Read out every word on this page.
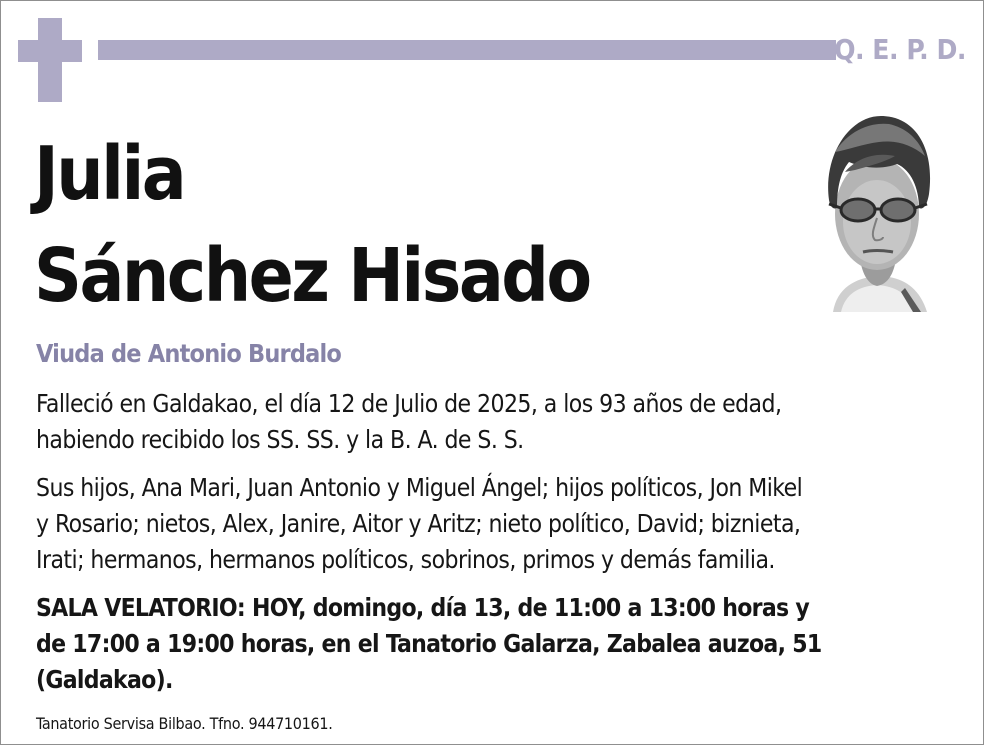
Q. E. P. D.
Julia
Sánchez Hisado
Viuda de Antonio Burdalo
Falleció en Galdakao, el día 12 de Julio de 2025, a los 93 años de edad,
habiendo recibido los SS. SS. y la B. A. de S. S.
Sus hijos, Ana Mari, Juan Antonio y Miguel Ángel; hijos políticos, Jon Mikel
y Rosario; nietos, Alex, Janire, Aitor y Aritz; nieto político, David; biznieta,
Irati; hermanos, hermanos políticos, sobrinos, primos y demás familia.
SALA VELATORIO: HOY, domingo, día 13, de 11:00 a 13:00 horas y
de 17:00 a 19:00 horas, en el Tanatorio Galarza, Zabalea auzoa, 51
(Galdakao).
Tanatorio Servisa Bilbao. Tfno. 944710161.
